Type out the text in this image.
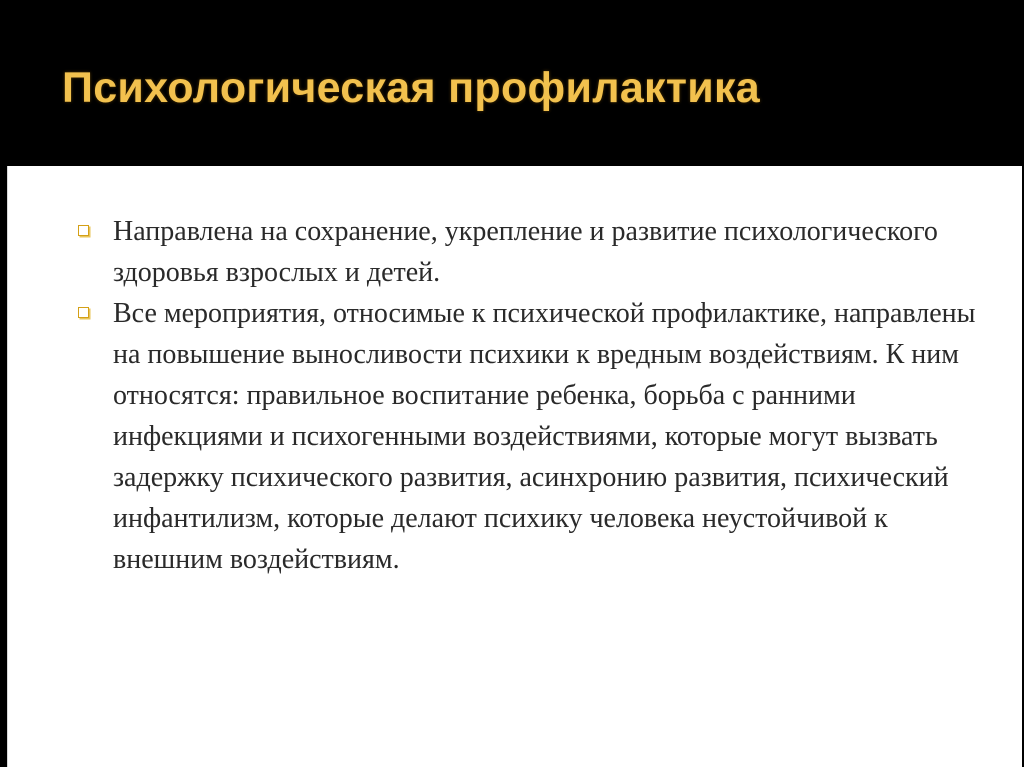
Психологическая профилактика
Направлена на сохранение, укрепление и развитие психологического здоровья взрослых и детей.
Все мероприятия, относимые к психической профилактике, направлены на повышение выносливости психики к вредным воздействиям. К ним относятся: правильное воспитание ребенка, борьба с ранними инфекциями и психогенными воздействиями, которые могут вызвать задержку психического развития, асинхронию развития, психический инфантилизм, которые делают психику человека неустойчивой к внешним воздействиям.
